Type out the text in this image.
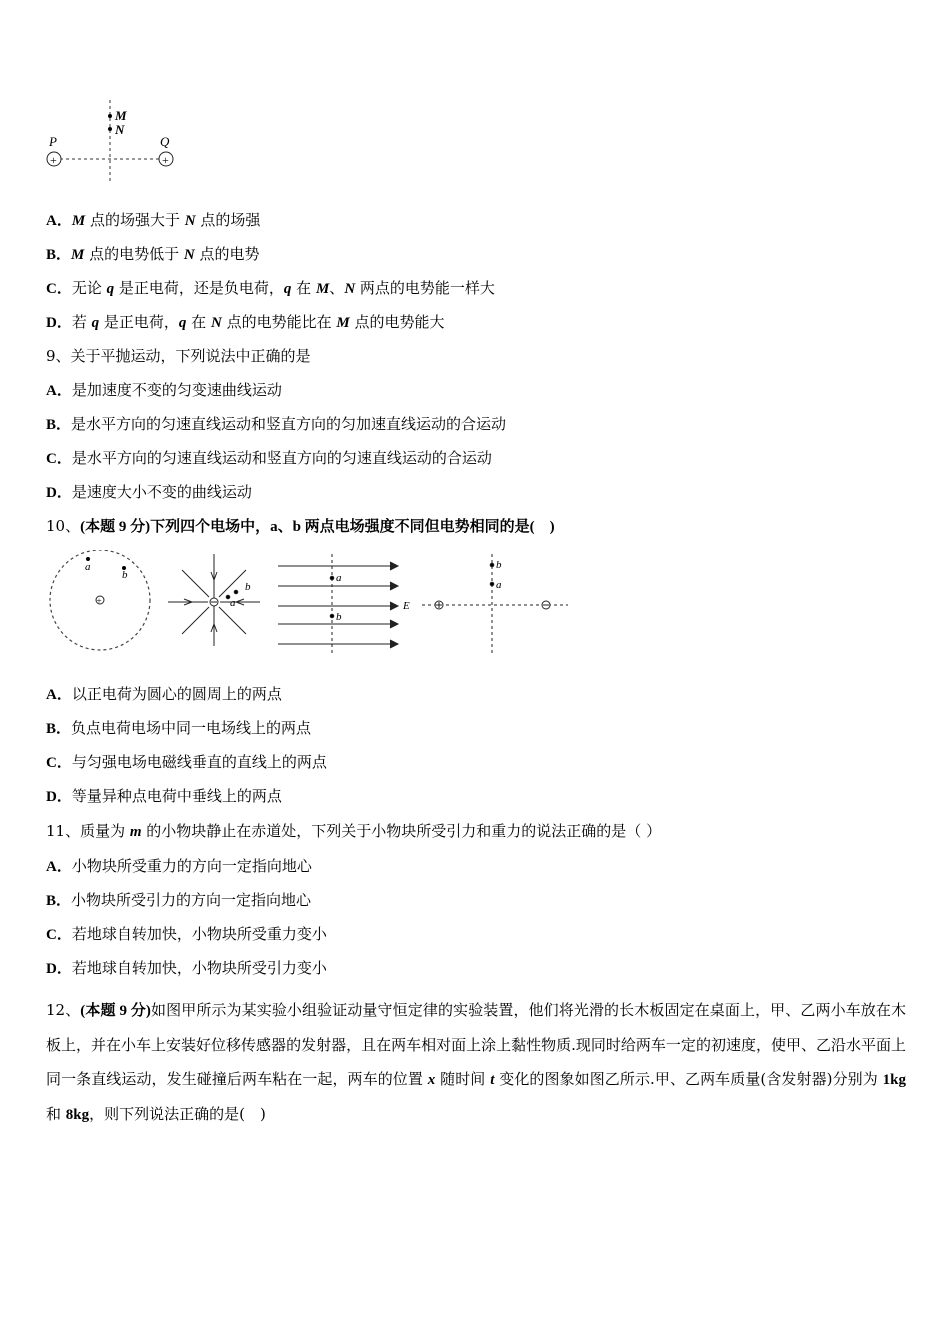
+	+
P	Q
M
N
A．M 点的场强大于 N 点的场强
B．M 点的电势低于 N 点的电势
C．无论 q 是正电荷，还是负电荷，q 在 M、N 两点的电势能一样大
D．若 q 是正电荷，q 在 N 点的电势能比在 M 点的电势能大
9、关于平抛运动，下列说法中正确的是
A．是加速度不变的匀变速曲线运动
B．是水平方向的匀速直线运动和竖直方向的匀加速直线运动的合运动
C．是水平方向的匀速直线运动和竖直方向的匀速直线运动的合运动
D．是速度大小不变的曲线运动
10、(本题 9 分)下列四个电场中，a、b 两点电场强度不同但电势相同的是(　)
+
a
b
b
a
a
b
E
b
a
A．以正电荷为圆心的圆周上的两点
B．负点电荷电场中同一电场线上的两点
C．与匀强电场电磁线垂直的直线上的两点
D．等量异种点电荷中垂线上的两点
11、质量为 m 的小物块静止在赤道处，下列关于小物块所受引力和重力的说法正确的是（ ）
A．小物块所受重力的方向一定指向地心
B．小物块所受引力的方向一定指向地心
C．若地球自转加快，小物块所受重力变小
D．若地球自转加快，小物块所受引力变小
12、(本题 9 分)如图甲所示为某实验小组验证动量守恒定律的实验装置，他们将光滑的长木板固定在桌面上，甲、乙两小车放在木板上，并在小车上安装好位移传感器的发射器，且在两车相对面上涂上黏性物质.现同时给两车一定的初速度，使甲、乙沿水平面上同一条直线运动，发生碰撞后两车粘在一起，两车的位置 x 随时间 t 变化的图象如图乙所示.甲、乙两车质量(含发射器)分别为 1kg 和 8kg，则下列说法正确的是(　)
